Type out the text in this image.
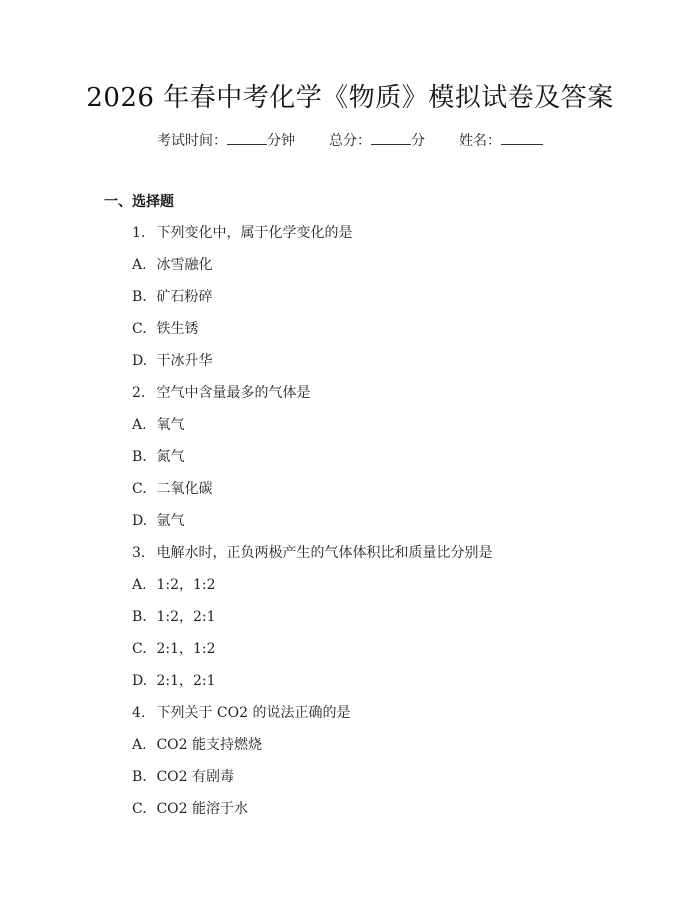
2026 年春中考化学《物质》模拟试卷及答案
考试时间：	分钟 总分：	分 姓名：
一、选择题
1. 下列变化中，属于化学变化的是
A. 冰雪融化
B. 矿石粉碎
C. 铁生锈
D. 干冰升华
2. 空气中含量最多的气体是
A. 氧气
B. 氮气
C. 二氧化碳
D. 氩气
3. 电解水时，正负两极产生的气体体积比和质量比分别是
A. 1:2，1:2
B. 1:2，2:1
C. 2:1，1:2
D. 2:1，2:1
4. 下列关于 CO2 的说法正确的是
A. CO2 能支持燃烧
B. CO2 有剧毒
C. CO2 能溶于水
